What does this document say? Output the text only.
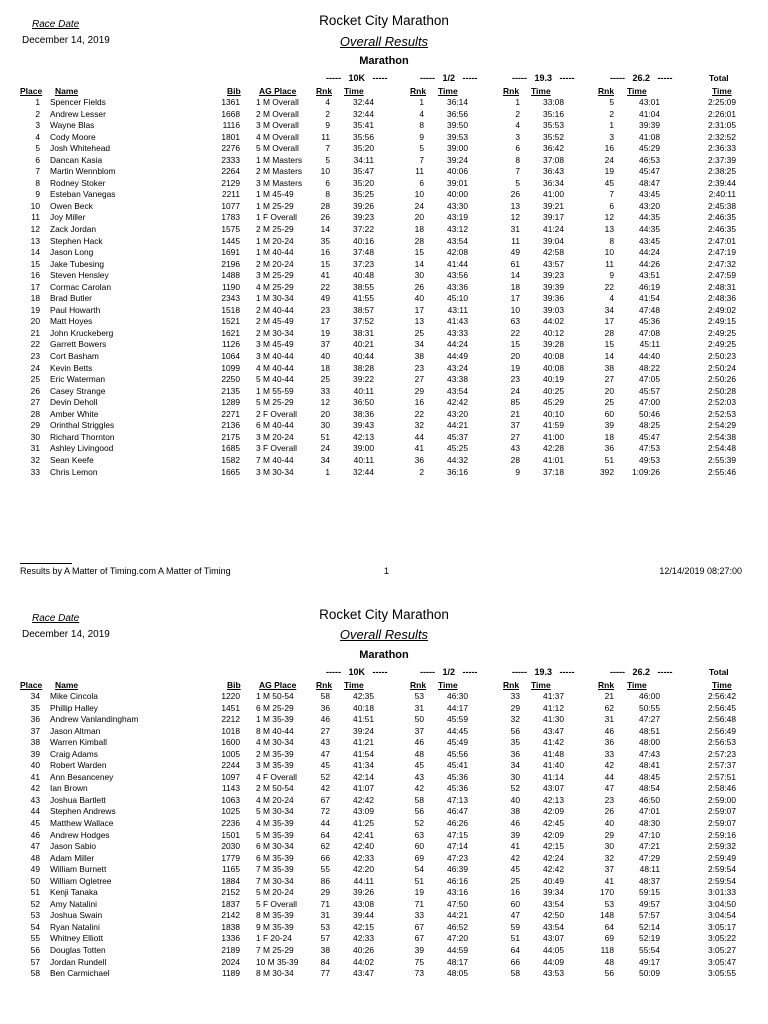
Race Date
December 14, 2019
Rocket City Marathon
Overall Results
Marathon
-----   10K   -----	-----   1/2   -----	-----   19.3   -----	-----   26.2   -----	Total
Place Name	Bib AG Place Rnk Time	Rnk Time	Rnk Time	Rnk Time	Time
1 Spencer Fields	1361 1 M Overall	4	32:44	1	36:14	1	33:08	5	43:01	2:25:09
2 Andrew Lesser	1668 2 M Overall	2	32:44	4	36:56	2	35:16	2	41:04	2:26:01
3 Wayne Blas	1116 3 M Overall	9	35:41	8	39:50	4	35:53	1	39:39	2:31:05
4 Cody Moore	1801 4 M Overall	11	35:56	9	39:53	3	35:52	3	41:08	2:32:52
5 Josh Whitehead	2276 5 M Overall	7	35:20	5	39:00	6	36:42	16	45:29	2:36:33
6 Dancan Kasia	2333 1 M Masters	5	34:11	7	39:24	8	37:08	24	46:53	2:37:39
7 Martin Wennblom	2264 2 M Masters	10	35:47	11	40:06	7	36:43	19	45:47	2:38:25
8 Rodney Stoker	2129 3 M Masters	6	35:20	6	39:01	5	36:34	45	48:47	2:39:44
9 Esteban Vanegas	2211 1 M 45-49	8	35:25	10	40:00	26	41:00	7	43:45	2:40:11
10 Owen Beck	1077 1 M 25-29	28	39:26	24	43:30	13	39:21	6	43:20	2:45:38
11 Joy Miller	1783 1 F Overall	26	39:23	20	43:19	12	39:17	12	44:35	2:46:35
12 Zack Jordan	1575 2 M 25-29	14	37:22	18	43:12	31	41:24	13	44:35	2:46:35
13 Stephen Hack	1445 1 M 20-24	35	40:16	28	43:54	11	39:04	8	43:45	2:47:01
14 Jason Long	1691 1 M 40-44	16	37:48	15	42:08	49	42:58	10	44:24	2:47:19
15 Jake Tubesing	2196 2 M 20-24	15	37:23	14	41:44	61	43:57	11	44:26	2:47:32
16 Steven Hensley	1488 3 M 25-29	41	40:48	30	43:56	14	39:23	9	43:51	2:47:59
17 Cormac Carolan	1190 4 M 25-29	22	38:55	26	43:36	18	39:39	22	46:19	2:48:31
18 Brad Butler	2343 1 M 30-34	49	41:55	40	45:10	17	39:36	4	41:54	2:48:36
19 Paul Howarth	1518 2 M 40-44	23	38:57	17	43:11	10	39:03	34	47:48	2:49:02
20 Matt Hoyes	1521 2 M 45-49	17	37:52	13	41:43	63	44:02	17	45:36	2:49:15
21 John Kruckeberg	1621 2 M 30-34	19	38:31	25	43:33	22	40:12	28	47:08	2:49:25
22 Garrett Bowers	1126 3 M 45-49	37	40:21	34	44:24	15	39:28	15	45:11	2:49:25
23 Cort Basham	1064 3 M 40-44	40	40:44	38	44:49	20	40:08	14	44:40	2:50:23
24 Kevin Betts	1099 4 M 40-44	18	38:28	23	43:24	19	40:08	38	48:22	2:50:24
25 Eric Waterman	2250 5 M 40-44	25	39:22	27	43:38	23	40:19	27	47:05	2:50:26
26 Casey Strange	2135 1 M 55-59	33	40:11	29	43:54	24	40:25	20	45:57	2:50:28
27 Devin Deholl	1289 5 M 25-29	12	36:50	16	42:42	85	45:29	25	47:00	2:52:03
28 Amber White	2271 2 F Overall	20	38:36	22	43:20	21	40:10	60	50:46	2:52:53
29 Orinthal Striggles	2136 6 M 40-44	30	39:43	32	44:21	37	41:59	39	48:25	2:54:29
30 Richard Thornton	2175 3 M 20-24	51	42:13	44	45:37	27	41:00	18	45:47	2:54:38
31 Ashley Livingood	1685 3 F Overall	24	39:00	41	45:25	43	42:28	36	47:53	2:54:48
32 Sean Keefe	1582 7 M 40-44	34	40:11	36	44:32	28	41:01	51	49:53	2:55:39
33 Chris Lemon	1665 3 M 30-34	1	32:44	2	36:16	9	37:18	392	1:09:26	2:55:46
Results by A Matter of Timing.com A Matter of Timing	1	12/14/2019 08:27:00
Race Date
December 14, 2019
Rocket City Marathon
Overall Results
Marathon
-----   10K   -----	-----   1/2   -----	-----   19.3   -----	-----   26.2   -----	Total
Place Name	Bib AG Place Rnk Time	Rnk Time	Rnk Time	Rnk Time	Time
34 Mike Cincola	1220 1 M 50-54	58	42:35	53	46:30	33	41:37	21	46:00	2:56:42
35 Phillip Halley	1451 6 M 25-29	36	40:18	31	44:17	29	41:12	62	50:55	2:56:45
36 Andrew Vanlandingham	2212 1 M 35-39	46	41:51	50	45:59	32	41:30	31	47:27	2:56:48
37 Jason Altman	1018 8 M 40-44	27	39:24	37	44:45	56	43:47	46	48:51	2:56:49
38 Warren Kimball	1600 4 M 30-34	43	41:21	46	45:49	35	41:42	36	48:00	2:56:53
39 Craig Adams	1005 2 M 35-39	47	41:54	48	45:56	36	41:48	33	47:43	2:57:23
40 Robert Warden	2244 3 M 35-39	45	41:34	45	45:41	34	41:40	42	48:41	2:57:37
41 Ann Besanceney	1097 4 F Overall	52	42:14	43	45:36	30	41:14	44	48:45	2:57:51
42 Ian Brown	1143 2 M 50-54	42	41:07	42	45:36	52	43:07	47	48:54	2:58:46
43 Joshua Bartlett	1063 4 M 20-24	67	42:42	58	47:13	40	42:13	23	46:50	2:59:00
44 Stephen Andrews	1025 5 M 30-34	72	43:09	56	46:47	38	42:09	26	47:01	2:59:07
45 Matthew Wallace	2236 4 M 35-39	44	41:25	52	46:26	46	42:45	40	48:30	2:59:07
46 Andrew Hodges	1501 5 M 35-39	64	42:41	63	47:15	39	42:09	29	47:10	2:59:16
47 Jason Sabio	2030 6 M 30-34	62	42:40	60	47:14	41	42:15	30	47:21	2:59:32
48 Adam Miller	1779 6 M 35-39	66	42:33	69	47:23	42	42:24	32	47:29	2:59:49
49 William Burnett	1165 7 M 35-39	55	42:20	54	46:39	45	42:42	37	48:11	2:59:54
50 William Ogletree	1884 7 M 30-34	86	44:11	51	46:16	25	40:49	41	48:37	2:59:54
51 Kenji Tanaka	2152 5 M 20-24	29	39:26	19	43:16	16	39:34	170	59:15	3:01:33
52 Amy Natalini	1837 5 F Overall	71	43:08	71	47:50	60	43:54	53	49:57	3:04:50
53 Joshua Swain	2142 8 M 35-39	31	39:44	33	44:21	47	42:50	148	57:57	3:04:54
54 Ryan Natalini	1838 9 M 35-39	53	42:15	67	46:52	59	43:54	64	52:14	3:05:17
55 Whitney Elliott	1336 1 F 20-24	57	42:33	67	47:20	51	43:07	69	52:19	3:05:22
56 Douglas Totten	2189 7 M 25-29	38	40:26	39	44:59	64	44:05	118	55:54	3:05:27
57 Jordan Rundell	2024 10 M 35-39	84	44:02	75	48:17	66	44:09	48	49:17	3:05:47
58 Ben Carmichael	1189 8 M 30-34	77	43:47	73	48:05	58	43:53	56	50:09	3:05:55
